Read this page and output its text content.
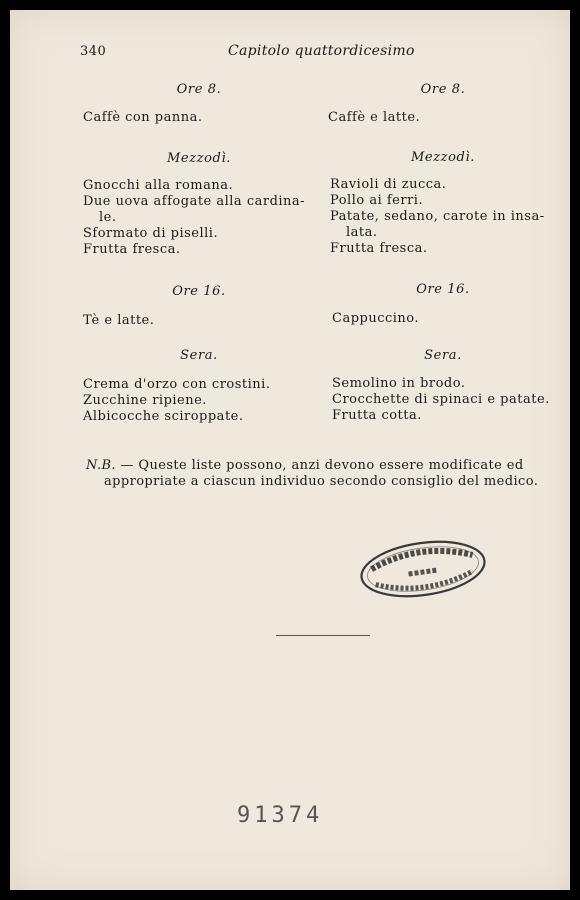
340	Capitolo quattordicesimo
Ore 8.
Caffè con panna.
Mezzodì.
Gnocchi alla romana.
Due uova affogate alla cardina-
le.
Sformato di piselli.
Frutta fresca.
Ore 16.
Tè e latte.
Sera.
Crema d'orzo con crostini.
Zucchine ripiene.
Albicocche sciroppate.
Ore 8.
Caffè e latte.
Mezzodì.
Ravioli di zucca.
Pollo ai ferri.
Patate, sedano, carote in insa-
lata.
Frutta fresca.
Ore 16.
Cappuccino.
Sera.
Semolino in brodo.
Crocchette di spinaci e patate.
Frutta cotta.
N.B. — Queste liste possono, anzi devono essere modificate ed
appropriate a ciascun individuo secondo consiglio del medico.
91374
